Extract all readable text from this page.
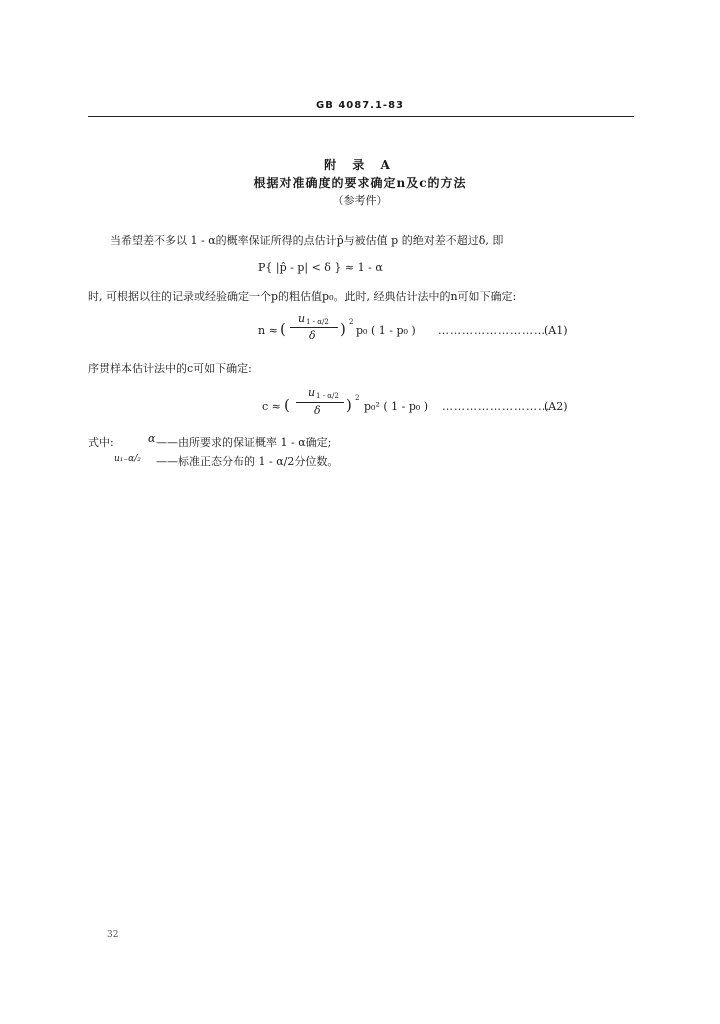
GB 4087.1-83
附 录 A
根据对准确度的要求确定n及c的方法
（参考件）
当希望差不多以 1 - α的概率保证所得的点估计p̂与被估值 p 的绝对差不超过δ, 即
P{ |p̂ - p| < δ } ≈ 1 - α
时, 可根据以往的记录或经验确定一个p的粗估值p₀。此时, 经典估计法中的n可如下确定:
n ≈ (
u 1 - α/2
δ ) 2
p₀ ( 1 - p₀ ) ………………………
(A1)
序贯样本估计法中的c可如下确定:
c ≈ (
u 1 - α/2
δ ) 2
p₀² ( 1 - p₀ ) ………………………
(A2)
式中:	α ——由所要求的保证概率 1 - α确定;
u₁₋α/₂ ——标准正态分布的 1 - α/2分位数。
32
